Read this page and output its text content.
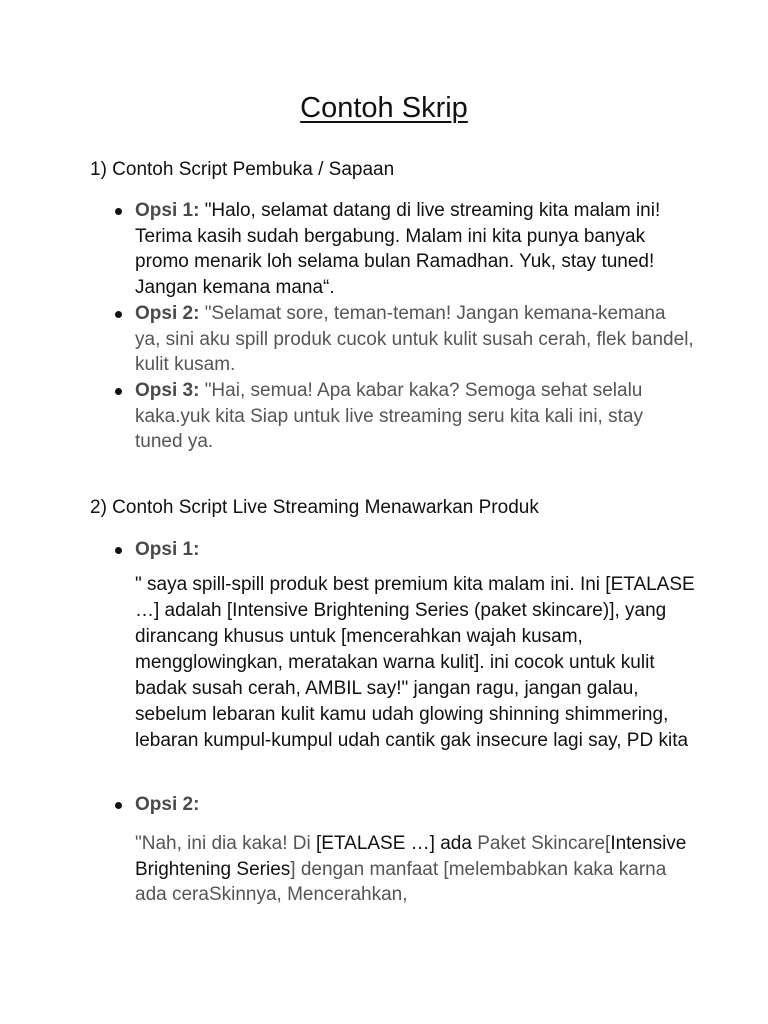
Contoh Skrip
1) Contoh Script Pembuka / Sapaan
Opsi 1: "Halo, selamat datang di live streaming kita malam ini! Terima kasih sudah bergabung. Malam ini kita punya banyak promo menarik loh selama bulan Ramadhan. Yuk, stay tuned! Jangan kemana mana“.
Opsi 2: "Selamat sore, teman-teman! Jangan kemana-kemana ya, sini aku spill produk cucok untuk kulit susah cerah, flek bandel, kulit kusam.
Opsi 3: "Hai, semua! Apa kabar kaka? Semoga sehat selalu kaka.yuk kita Siap untuk live streaming seru kita kali ini, stay tuned ya.
2) Contoh Script Live Streaming Menawarkan Produk
Opsi 1:
" saya spill-spill produk best premium kita malam ini. Ini [ETALASE …] adalah [Intensive Brightening Series (paket skincare)], yang dirancang khusus untuk [mencerahkan wajah kusam, mengglowingkan, meratakan warna kulit]. ini cocok untuk kulit badak susah cerah, AMBIL say!" jangan ragu, jangan galau, sebelum lebaran kulit kamu udah glowing shinning shimmering, lebaran kumpul-kumpul udah cantik gak insecure lagi say, PD kita
Opsi 2:
"Nah, ini dia kaka! Di [ETALASE …] ada Paket Skincare[Intensive Brightening Series] dengan manfaat [melembabkan kaka karna ada ceraSkinnya, Mencerahkan,
